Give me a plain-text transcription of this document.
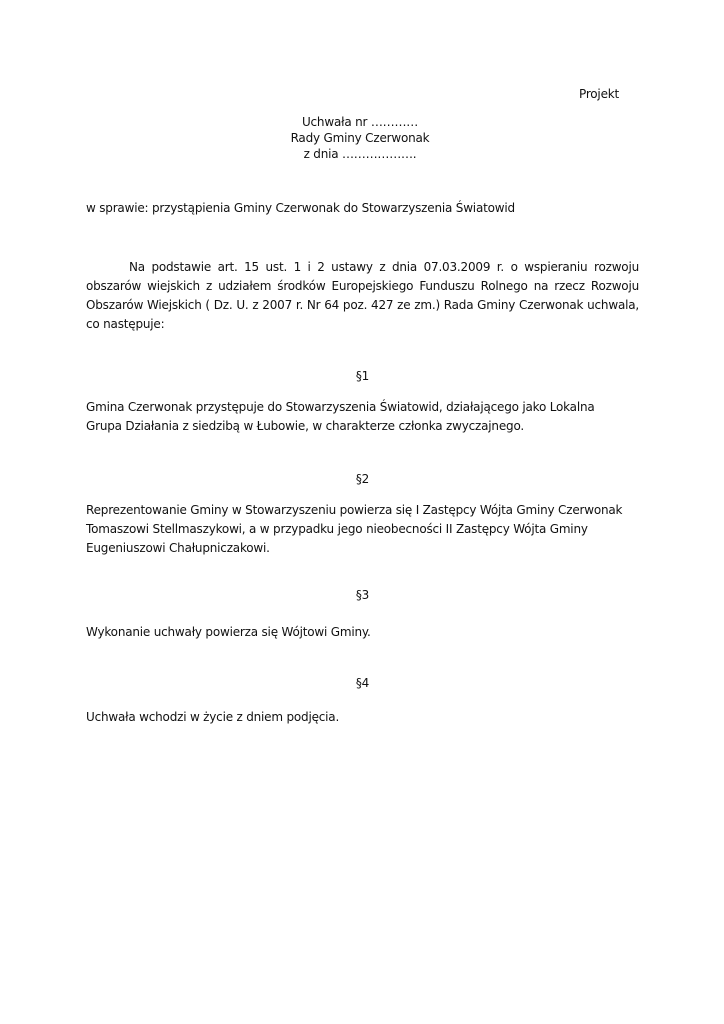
Projekt
Uchwała nr …………
Rady Gminy Czerwonak
z dnia ……………….
w sprawie: przystąpienia Gminy Czerwonak do Stowarzyszenia Światowid
Na podstawie art. 15 ust. 1 i 2 ustawy z dnia 07.03.2009 r. o wspieraniu rozwoju obszarów wiejskich z udziałem środków Europejskiego Funduszu Rolnego na rzecz Rozwoju Obszarów Wiejskich ( Dz. U. z 2007 r. Nr 64 poz. 427 ze zm.) Rada Gminy Czerwonak uchwala, co następuje:
§1
Gmina Czerwonak przystępuje do Stowarzyszenia Światowid, działającego jako Lokalna
Grupa Działania z siedzibą w Łubowie, w charakterze członka zwyczajnego.
§2
Reprezentowanie Gminy w Stowarzyszeniu powierza się I Zastępcy Wójta Gminy Czerwonak
Tomaszowi Stellmaszykowi, a w przypadku jego nieobecności II Zastępcy Wójta Gminy
Eugeniuszowi Chałupniczakowi.
§3
Wykonanie uchwały powierza się Wójtowi Gminy.
§4
Uchwała wchodzi w życie z dniem podjęcia.
